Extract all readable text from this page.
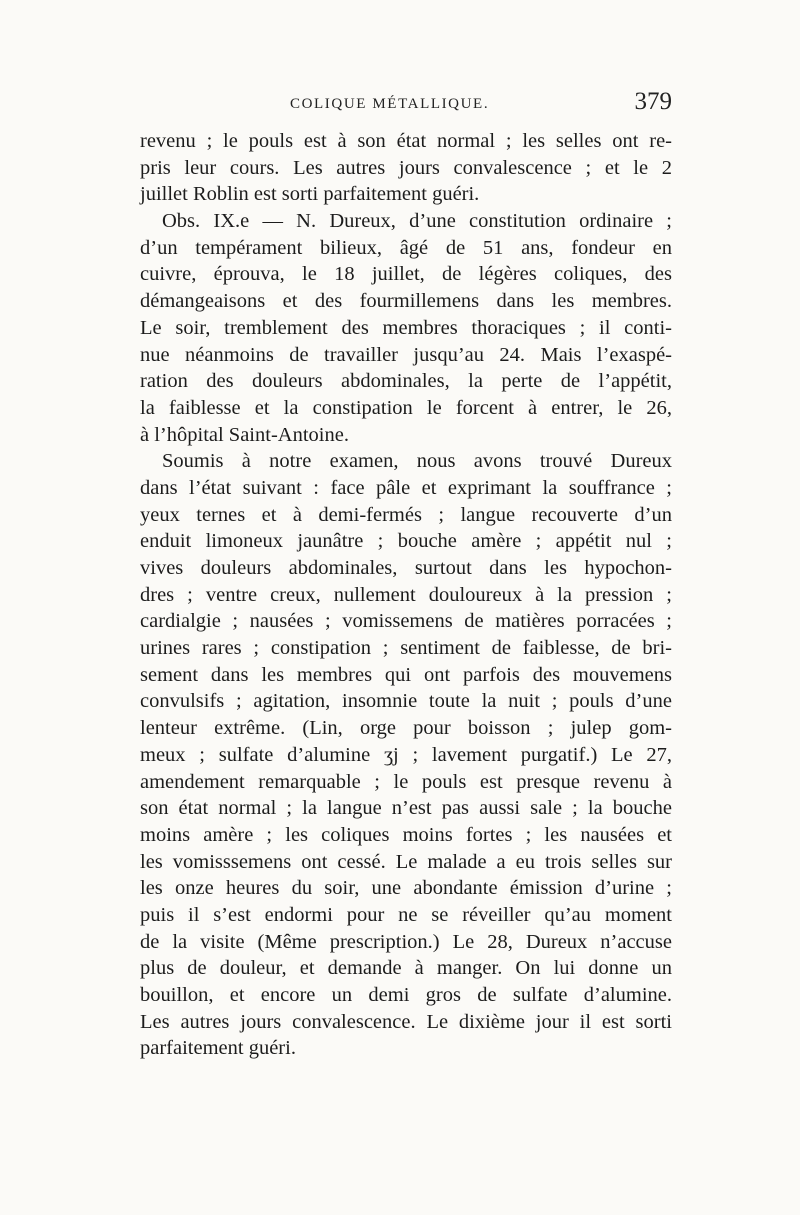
COLIQUE MÉTALLIQUE.	379
revenu ; le pouls est à son état normal ; les selles ont re-
pris leur cours. Les autres jours convalescence ; et le 2
juillet Roblin est sorti parfaitement guéri.
Obs. IX.e — N. Dureux, d’une constitution ordinaire ;
d’un tempérament bilieux, âgé de 51 ans, fondeur en
cuivre, éprouva, le 18 juillet, de légères coliques, des
démangeaisons et des fourmillemens dans les membres.
Le soir, tremblement des membres thoraciques ; il conti-
nue néanmoins de travailler jusqu’au 24. Mais l’exaspé-
ration des douleurs abdominales, la perte de l’appétit,
la faiblesse et la constipation le forcent à entrer, le 26,
à l’hôpital Saint-Antoine.
Soumis à notre examen, nous avons trouvé Dureux
dans l’état suivant : face pâle et exprimant la souffrance ;
yeux ternes et à demi-fermés ; langue recouverte d’un
enduit limoneux jaunâtre ; bouche amère ; appétit nul ;
vives douleurs abdominales, surtout dans les hypochon-
dres ; ventre creux, nullement douloureux à la pression ;
cardialgie ; nausées ; vomissemens de matières porracées ;
urines rares ; constipation ; sentiment de faiblesse, de bri-
sement dans les membres qui ont parfois des mouvemens
convulsifs ; agitation, insomnie toute la nuit ; pouls d’une
lenteur extrême. (Lin, orge pour boisson ; julep gom-
meux ; sulfate d’alumine ʒj ; lavement purgatif.) Le 27,
amendement remarquable ; le pouls est presque revenu à
son état normal ; la langue n’est pas aussi sale ; la bouche
moins amère ; les coliques moins fortes ; les nausées et
les vomisssemens ont cessé. Le malade a eu trois selles sur
les onze heures du soir, une abondante émission d’urine ;
puis il s’est endormi pour ne se réveiller qu’au moment
de la visite (Même prescription.) Le 28, Dureux n’accuse
plus de douleur, et demande à manger. On lui donne un
bouillon, et encore un demi gros de sulfate d’alumine.
Les autres jours convalescence. Le dixième jour il est sorti
parfaitement guéri.
